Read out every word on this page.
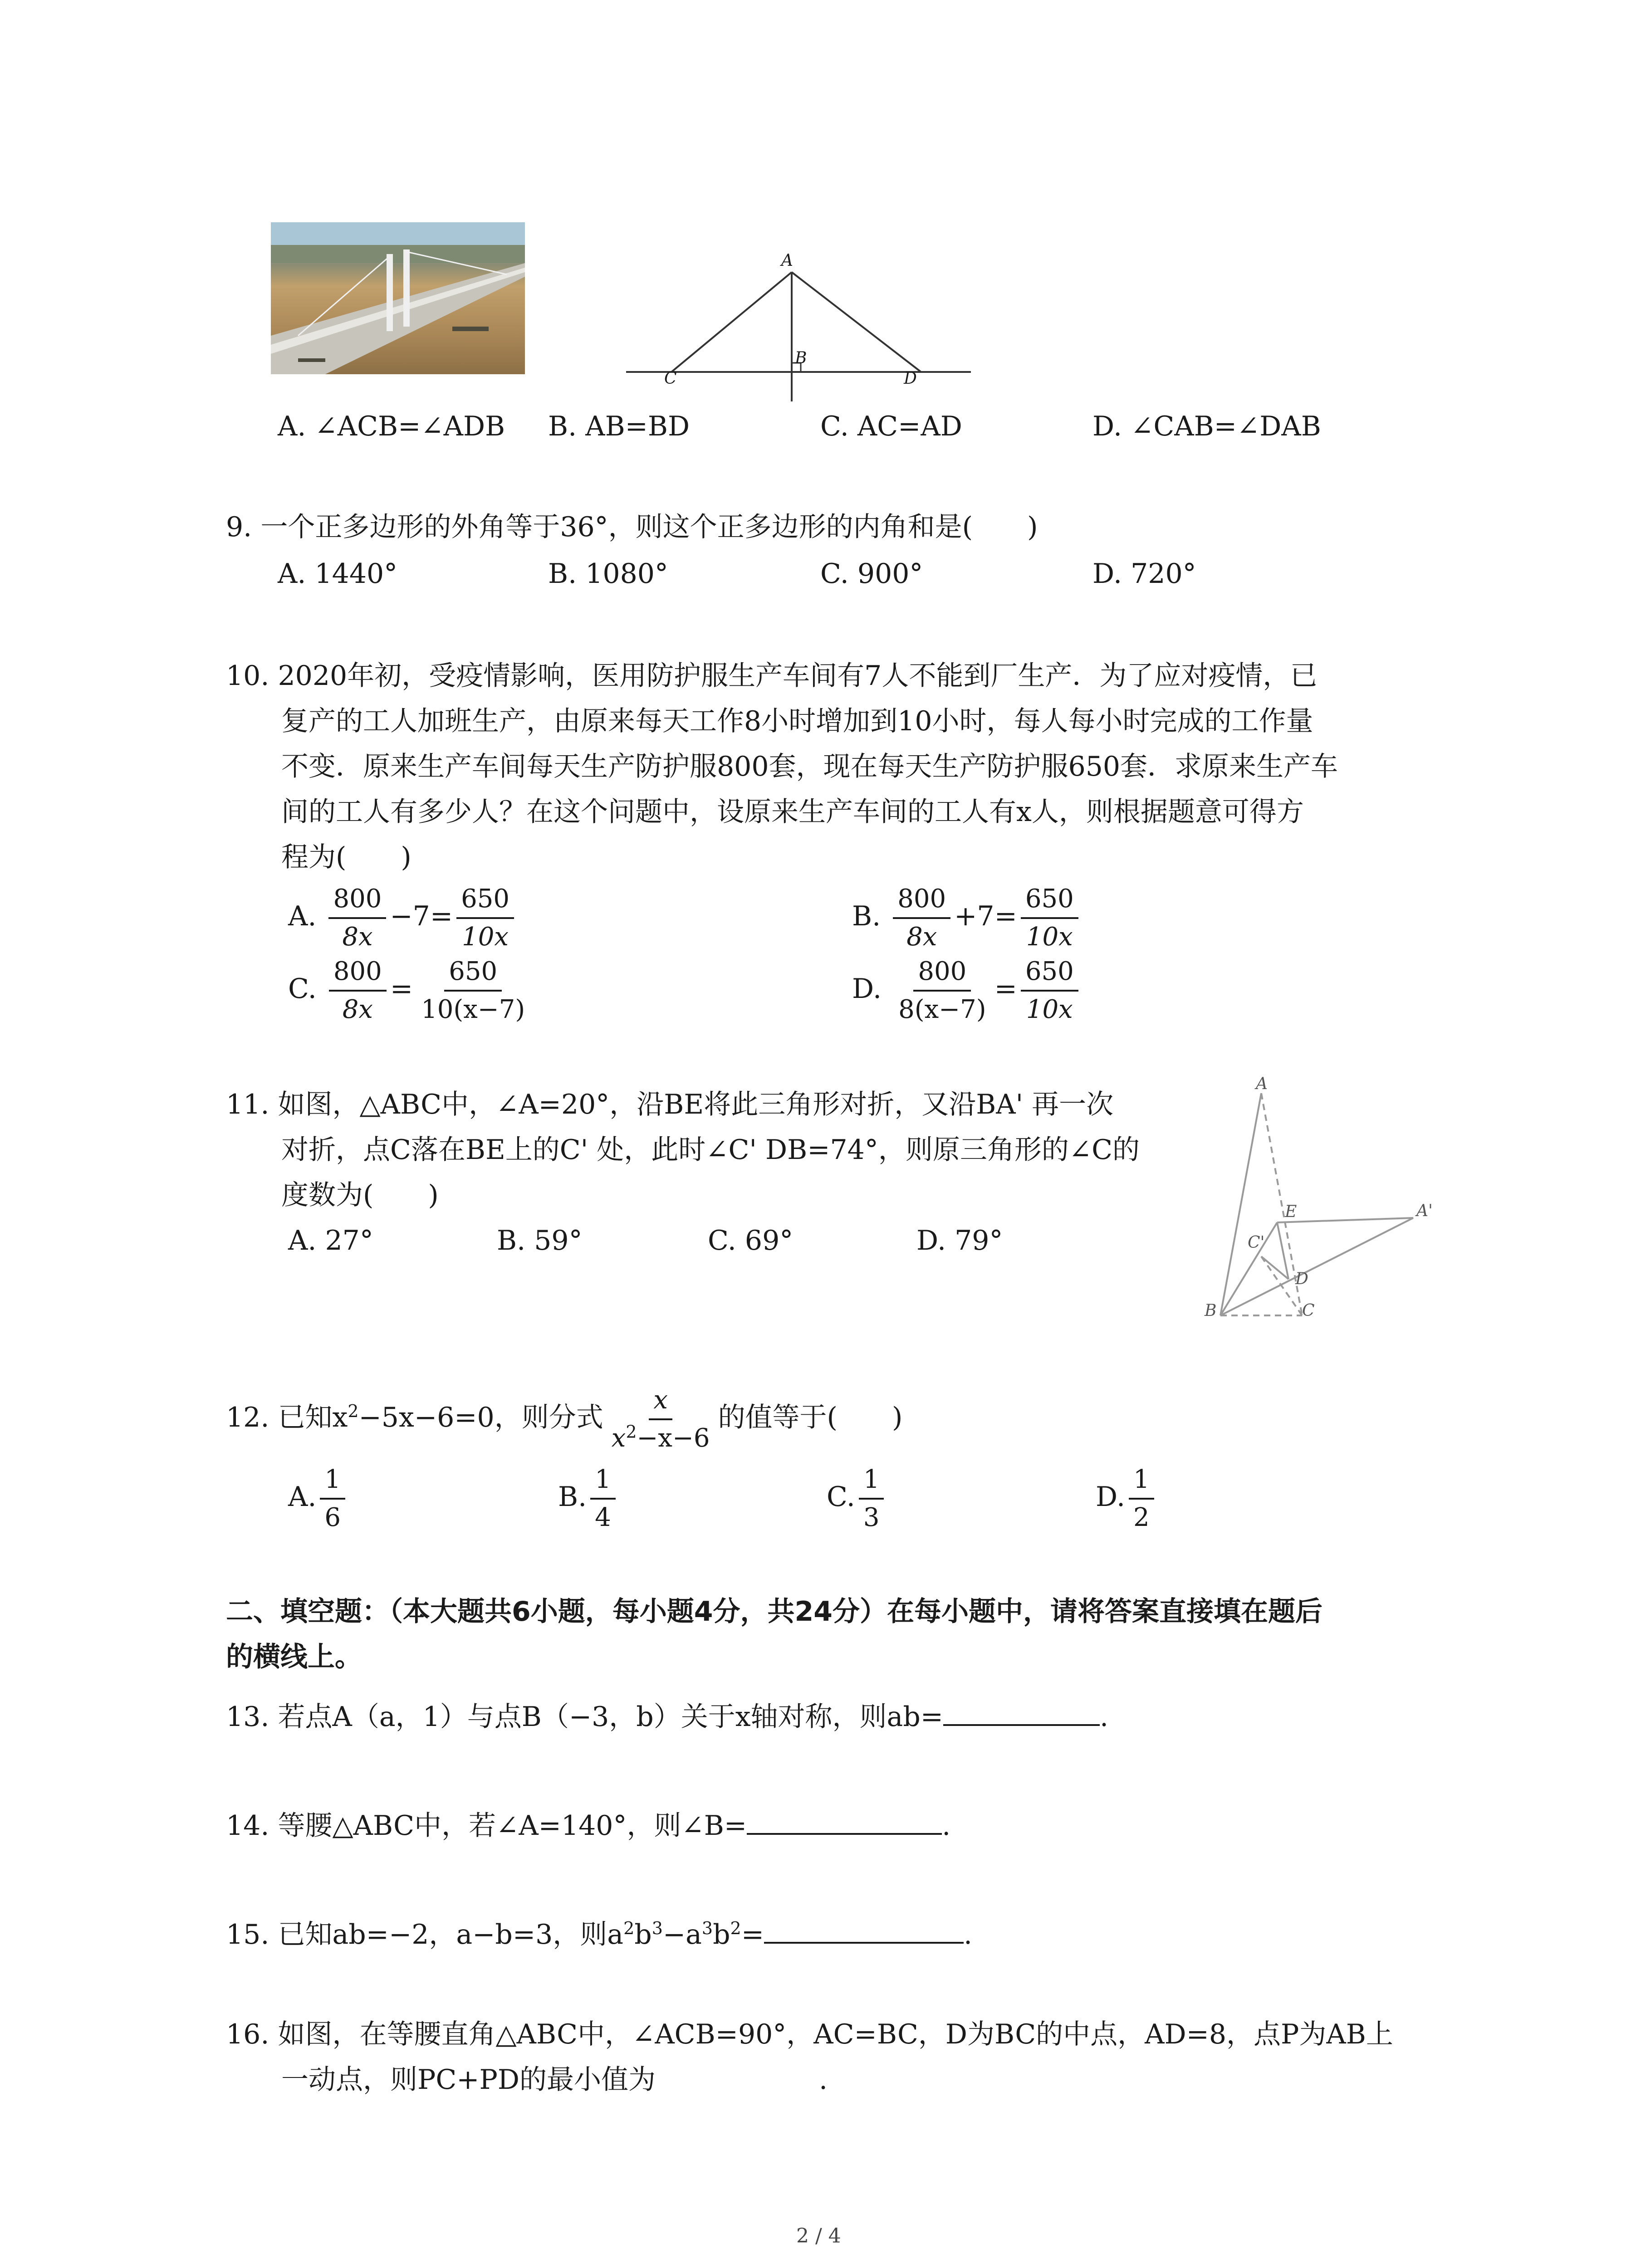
A
B
C	D
A. ∠ACB=∠ADB B. AB=BD	C. AC=AD	D. ∠CAB=∠DAB
9. 一个正多边形的外角等于36°，则这个正多边形的内角和是(　　)
A. 1440°	B. 1080°	C. 900°	D. 720°
10. 2020年初，受疫情影响，医用防护服生产车间有7人不能到厂生产．为了应对疫情，已
复产的工人加班生产，由原来每天工作8小时增加到10小时，每人每小时完成的工作量
不变．原来生产车间每天生产防护服800套，现在每天生产防护服650套．求原来生产车
间的工人有多少人？在这个问题中，设原来生产车间的工人有x人，则根据题意可得方
程为(　　)
A. $\frac{800}{8x} -7= \frac{650}{10x}$	B. $\frac{800}{8x} +7= \frac{650}{10x}$
C. $\frac{800}{8x} = \frac{650}{10(x-7)}$	D. $\frac{800}{8(x-7)} = \frac{650}{10x}$
11. 如图，△ABC中，∠A=20°，沿BE将此三角形对折，又沿BA' 再一次
对折，点C落在BE上的C' 处，此时∠C' DB=74°，则原三角形的∠C的
度数为(　　)
A. 27°	B. 59°	C. 69°	D. 79°
A
E	A'
C'
D
B	C
12. 已知$x^2-5x-6=0$，则分式 $\frac{x}{x^2-x-6}$ 的值等于(　　)
A. $\frac{1}{6}$	B. $\frac{1}{4}$	C. $\frac{1}{3}$	D. $\frac{1}{2}$
二、填空题：（本大题共6小题，每小题4分，共24分）在每小题中，请将答案直接填在题后
的横线上。
13. 若点A（a，1）与点B（−3，b）关于x轴对称，则ab=	.
14. 等腰△ABC中，若∠A=140°，则∠B=	.
15. 已知ab=−2，a−b=3，则$a^2b^3-a^3b^2=$	.
16. 如图，在等腰直角△ABC中，∠ACB=90°，AC=BC，D为BC的中点，AD=8，点P为AB上
一动点，则PC+PD的最小值为	.
2 / 4
